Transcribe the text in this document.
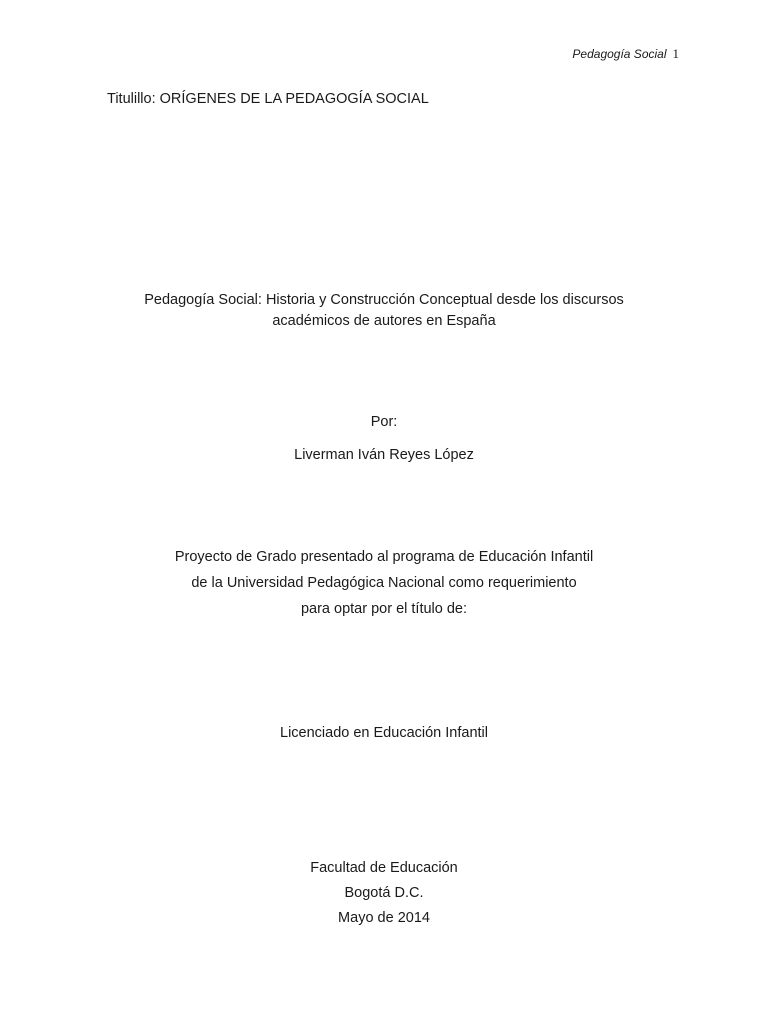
Pedagogía Social 1
Titulillo: ORÍGENES DE LA PEDAGOGÍA SOCIAL
Pedagogía Social: Historia y Construcción Conceptual desde los discursos
académicos de autores en España
Por:
Liverman Iván Reyes López
Proyecto de Grado presentado al programa de Educación Infantil
de la Universidad Pedagógica Nacional como requerimiento
para optar por el título de:
Licenciado en Educación Infantil
Facultad de Educación
Bogotá D.C.
Mayo de 2014
